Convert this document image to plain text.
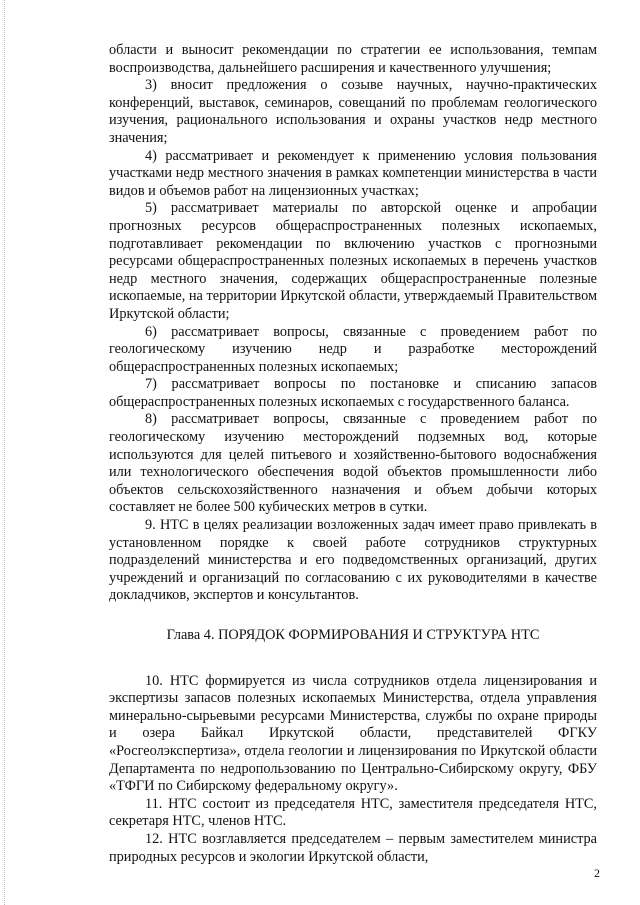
области и выносит рекомендации по стратегии ее использования, темпам воспроизводства, дальнейшего расширения и качественного улучшения;

3) вносит предложения о созыве научных, научно-практических конференций, выставок, семинаров, совещаний по проблемам геологического изучения, рационального использования и охраны участков недр местного значения;

4) рассматривает и рекомендует к применению условия пользования участками недр местного значения в рамках компетенции министерства в части видов и объемов работ на лицензионных участках;

5) рассматривает материалы по авторской оценке и апробации прогнозных ресурсов общераспространенных полезных ископаемых, подготавливает рекомендации по включению участков с прогнозными ресурсами общераспространенных полезных ископаемых в перечень участков недр местного значения, содержащих общераспространенные полезные ископаемые, на территории Иркутской области, утверждаемый Правительством Иркутской области;

6) рассматривает вопросы, связанные с проведением работ по геологическому изучению недр и разработке месторождений общераспространенных полезных ископаемых;

7) рассматривает вопросы по постановке и списанию запасов общераспространенных полезных ископаемых с государственного баланса.

8) рассматривает вопросы, связанные с проведением работ по геологическому изучению месторождений подземных вод, которые используются для целей питьевого и хозяйственно-бытового водоснабжения или технологического обеспечения водой объектов промышленности либо объектов сельскохозяйственного назначения и объем добычи которых составляет не более 500 кубических метров в сутки.

9. НТС в целях реализации возложенных задач имеет право привлекать в установленном порядке к своей работе сотрудников структурных подразделений министерства и его подведомственных организаций, других учреждений и организаций по согласованию с их руководителями в качестве докладчиков, экспертов и консультантов.

Глава 4. ПОРЯДОК ФОРМИРОВАНИЯ И СТРУКТУРА НТС

10. НТС формируется из числа сотрудников отдела лицензирования и экспертизы запасов полезных ископаемых Министерства, отдела управления минерально-сырьевыми ресурсами Министерства, службы по охране природы и озера Байкал Иркутской области, представителей ФГКУ «Росгеолэкспертиза», отдела геологии и лицензирования по Иркутской области Департамента по недропользованию по Центрально-Сибирскому округу, ФБУ «ТФГИ по Сибирскому федеральному округу».

11. НТС состоит из председателя НТС, заместителя председателя НТС, секретаря НТС, членов НТС.

12. НТС возглавляется председателем – первым заместителем министра природных ресурсов и экологии Иркутской области,

2
